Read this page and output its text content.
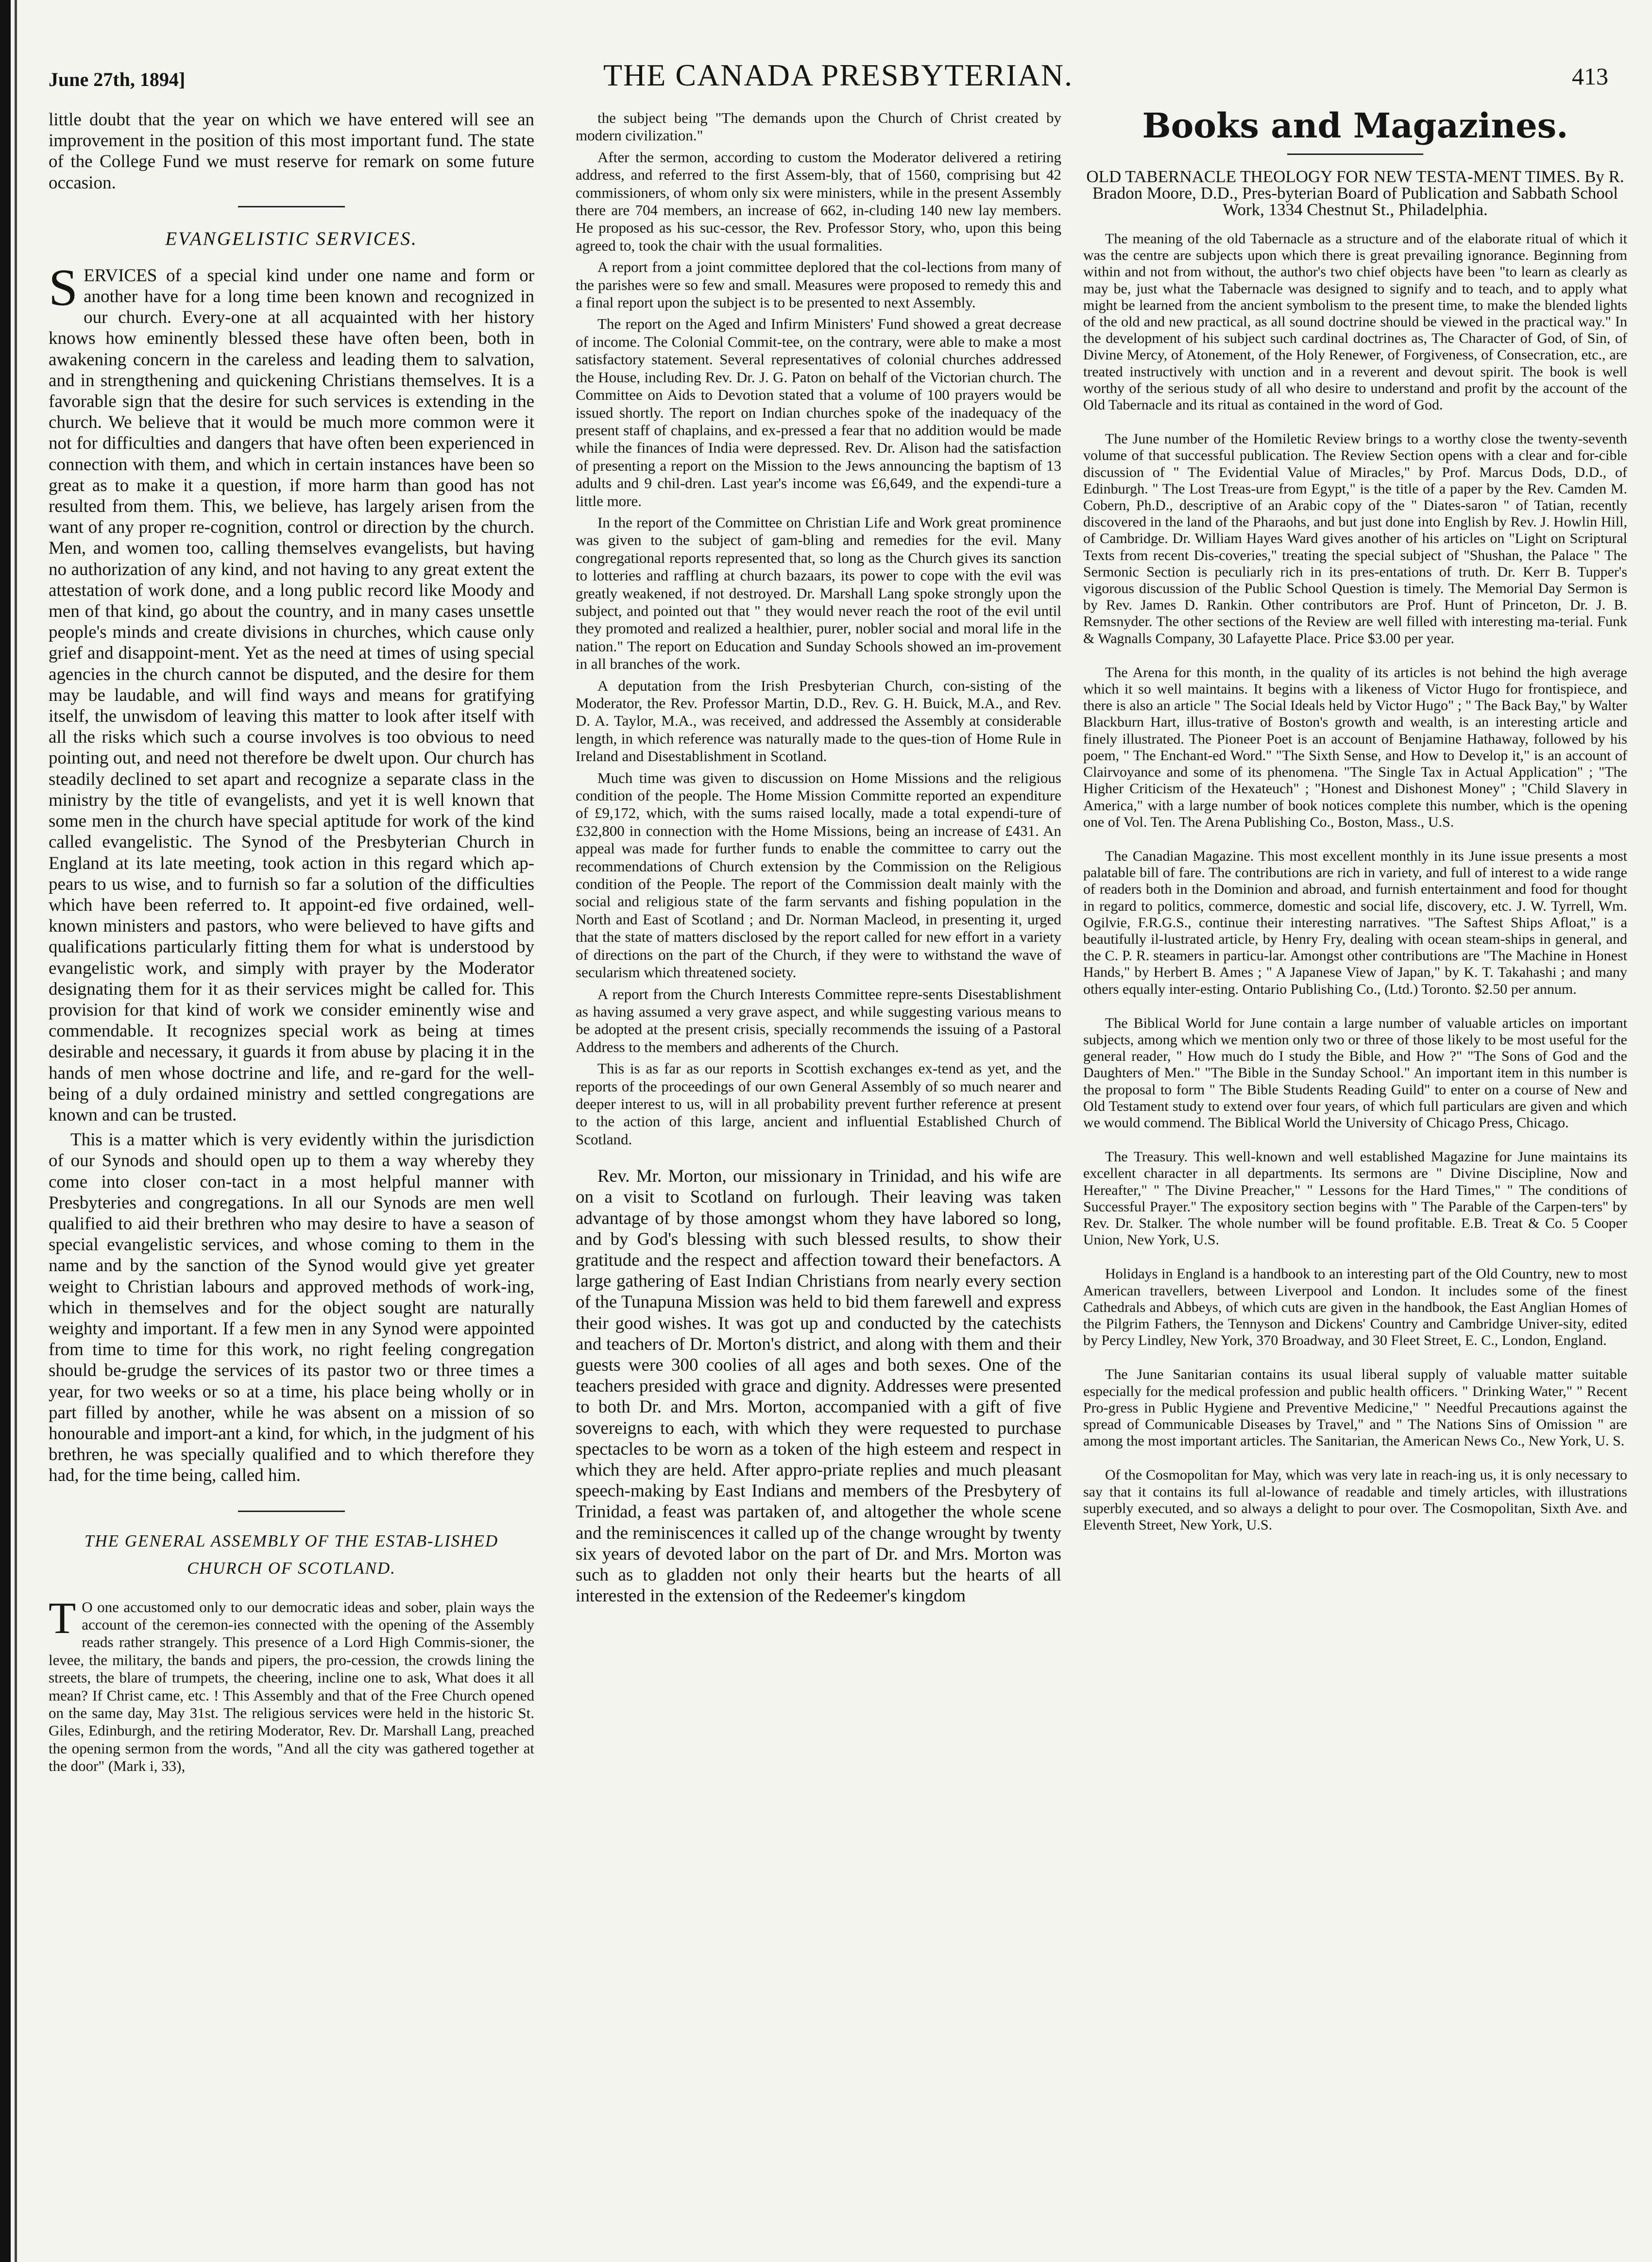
June 27th, 1894]	THE CANADA PRESBYTERIAN.	413

little doubt that the year on which we have entered will see an improvement in the position of this most important fund. The state of the College Fund we must reserve for remark on some future occasion.

EVANGELISTIC SERVICES.

SERVICES of a special kind under one name and form or another have for a long time been known and recognized in our church. Every-one at all acquainted with her history knows how eminently blessed these have often been, both in awakening concern in the careless and leading them to salvation, and in strengthening and quickening Christians themselves. It is a favorable sign that the desire for such services is extending in the church. We believe that it would be much more common were it not for difficulties and dangers that have often been experienced in connection with them, and which in certain instances have been so great as to make it a question, if more harm than good has not resulted from them. This, we believe, has largely arisen from the want of any proper re-cognition, control or direction by the church. Men, and women too, calling themselves evangelists, but having no authorization of any kind, and not having to any great extent the attestation of work done, and a long public record like Moody and men of that kind, go about the country, and in many cases unsettle people's minds and create divisions in churches, which cause only grief and disappoint-ment. Yet as the need at times of using special agencies in the church cannot be disputed, and the desire for them may be laudable, and will find ways and means for gratifying itself, the unwisdom of leaving this matter to look after itself with all the risks which such a course involves is too obvious to need pointing out, and need not therefore be dwelt upon. Our church has steadily declined to set apart and recognize a separate class in the ministry by the title of evangelists, and yet it is well known that some men in the church have special aptitude for work of the kind called evangelistic. The Synod of the Presbyterian Church in England at its late meeting, took action in this regard which ap-pears to us wise, and to furnish so far a solution of the difficulties which have been referred to. It appoint-ed five ordained, well-known ministers and pastors, who were believed to have gifts and qualifications particularly fitting them for what is understood by evangelistic work, and simply with prayer by the Moderator designating them for it as their services might be called for. This provision for that kind of work we consider eminently wise and commendable. It recognizes special work as being at times desirable and necessary, it guards it from abuse by placing it in the hands of men whose doctrine and life, and re-gard for the well-being of a duly ordained ministry and settled congregations are known and can be trusted.

This is a matter which is very evidently within the jurisdiction of our Synods and should open up to them a way whereby they come into closer con-tact in a most helpful manner with Presbyteries and congregations. In all our Synods are men well qualified to aid their brethren who may desire to have a season of special evangelistic services, and whose coming to them in the name and by the sanction of the Synod would give yet greater weight to Christian labours and approved methods of work-ing, which in themselves and for the object sought are naturally weighty and important. If a few men in any Synod were appointed from time to time for this work, no right feeling congregation should be-grudge the services of its pastor two or three times a year, for two weeks or so at a time, his place being wholly or in part filled by another, while he was absent on a mission of so honourable and import-ant a kind, for which, in the judgment of his brethren, he was specially qualified and to which therefore they had, for the time being, called him.

THE GENERAL ASSEMBLY OF THE ESTAB-LISHED CHURCH OF SCOTLAND.

T O one accustomed only to our democratic ideas and sober, plain ways the account of the ceremon-ies connected with the opening of the Assembly reads rather strangely. This presence of a Lord High Commis-sioner, the levee, the military, the bands and pipers, the pro-cession, the crowds lining the streets, the blare of trumpets, the cheering, incline one to ask, What does it all mean? If Christ came, etc. ! This Assembly and that of the Free Church opened on the same day, May 31st. The religious services were held in the historic St. Giles, Edinburgh, and the retiring Moderator, Rev. Dr. Marshall Lang, preached the opening sermon from the words, "And all the city was gathered together at the door" (Mark i, 33),

the subject being "The demands upon the Church of Christ created by modern civilization."

After the sermon, according to custom the Moderator delivered a retiring address, and referred to the first Assem-bly, that of 1560, comprising but 42 commissioners, of whom only six were ministers, while in the present Assembly there are 704 members, an increase of 662, in-cluding 140 new lay members. He proposed as his suc-cessor, the Rev. Professor Story, who, upon this being agreed to, took the chair with the usual formalities.

A report from a joint committee deplored that the col-lections from many of the parishes were so few and small. Measures were proposed to remedy this and a final report upon the subject is to be presented to next Assembly.

The report on the Aged and Infirm Ministers' Fund showed a great decrease of income. The Colonial Commit-tee, on the contrary, were able to make a most satisfactory statement. Several representatives of colonial churches addressed the House, including Rev. Dr. J. G. Paton on behalf of the Victorian church. The Committee on Aids to Devotion stated that a volume of 100 prayers would be issued shortly. The report on Indian churches spoke of the inadequacy of the present staff of chaplains, and ex-pressed a fear that no addition would be made while the finances of India were depressed. Rev. Dr. Alison had the satisfaction of presenting a report on the Mission to the Jews announcing the baptism of 13 adults and 9 chil-dren. Last year's income was £6,649, and the expendi-ture a little more.

In the report of the Committee on Christian Life and Work great prominence was given to the subject of gam-bling and remedies for the evil. Many congregational reports represented that, so long as the Church gives its sanction to lotteries and raffling at church bazaars, its power to cope with the evil was greatly weakened, if not destroyed. Dr. Marshall Lang spoke strongly upon the subject, and pointed out that " they would never reach the root of the evil until they promoted and realized a healthier, purer, nobler social and moral life in the nation." The report on Education and Sunday Schools showed an im-provement in all branches of the work.

A deputation from the Irish Presbyterian Church, con-sisting of the Moderator, the Rev. Professor Martin, D.D., Rev. G. H. Buick, M.A., and Rev. D. A. Taylor, M.A., was received, and addressed the Assembly at considerable length, in which reference was naturally made to the ques-tion of Home Rule in Ireland and Disestablishment in Scotland.

Much time was given to discussion on Home Missions and the religious condition of the people. The Home Mission Committe reported an expenditure of £9,172, which, with the sums raised locally, made a total expendi-ture of £32,800 in connection with the Home Missions, being an increase of £431. An appeal was made for further funds to enable the committee to carry out the recommendations of Church extension by the Commission on the Religious condition of the People. The report of the Commission dealt mainly with the social and religious state of the farm servants and fishing population in the North and East of Scotland ; and Dr. Norman Macleod, in presenting it, urged that the state of matters disclosed by the report called for new effort in a variety of directions on the part of the Church, if they were to withstand the wave of secularism which threatened society.

A report from the Church Interests Committee repre-sents Disestablishment as having assumed a very grave aspect, and while suggesting various means to be adopted at the present crisis, specially recommends the issuing of a Pastoral Address to the members and adherents of the Church.

This is as far as our reports in Scottish exchanges ex-tend as yet, and the reports of the proceedings of our own General Assembly of so much nearer and deeper interest to us, will in all probability prevent further reference at present to the action of this large, ancient and influential Established Church of Scotland.

Rev. Mr. Morton, our missionary in Trinidad, and his wife are on a visit to Scotland on furlough. Their leaving was taken advantage of by those amongst whom they have labored so long, and by God's blessing with such blessed results, to show their gratitude and the respect and affection toward their benefactors. A large gathering of East Indian Christians from nearly every section of the Tunapuna Mission was held to bid them farewell and express their good wishes. It was got up and conducted by the catechists and teachers of Dr. Morton's district, and along with them and their guests were 300 coolies of all ages and both sexes. One of the teachers presided with grace and dignity. Addresses were presented to both Dr. and Mrs. Morton, accompanied with a gift of five sovereigns to each, with which they were requested to purchase spectacles to be worn as a token of the high esteem and respect in which they are held. After appro-priate replies and much pleasant speech-making by East Indians and members of the Presbytery of Trinidad, a feast was partaken of, and altogether the whole scene and the reminiscences it called up of the change wrought by twenty six years of devoted labor on the part of Dr. and Mrs. Morton was such as to gladden not only their hearts but the hearts of all interested in the extension of the Redeemer's kingdom

Books and Magazines.

OLD TABERNACLE THEOLOGY FOR NEW TESTA-MENT TIMES. By R. Bradon Moore, D.D., Pres-byterian Board of Publication and Sabbath School Work, 1334 Chestnut St., Philadelphia.

The meaning of the old Tabernacle as a structure and of the elaborate ritual of which it was the centre are subjects upon which there is great prevailing ignorance. Beginning from within and not from without, the author's two chief objects have been "to learn as clearly as may be, just what the Tabernacle was designed to signify and to teach, and to apply what might be learned from the ancient symbolism to the present time, to make the blended lights of the old and new practical, as all sound doctrine should be viewed in the practical way." In the development of his subject such cardinal doctrines as, The Character of God, of Sin, of Divine Mercy, of Atonement, of the Holy Renewer, of Forgiveness, of Consecration, etc., are treated instructively with unction and in a reverent and devout spirit. The book is well worthy of the serious study of all who desire to understand and profit by the account of the Old Tabernacle and its ritual as contained in the word of God.

The June number of the Homiletic Review brings to a worthy close the twenty-seventh volume of that successful publication. The Review Section opens with a clear and for-cible discussion of " The Evidential Value of Miracles," by Prof. Marcus Dods, D.D., of Edinburgh. " The Lost Treas-ure from Egypt," is the title of a paper by the Rev. Camden M. Cobern, Ph.D., descriptive of an Arabic copy of the " Diates-saron " of Tatian, recently discovered in the land of the Pharaohs, and but just done into English by Rev. J. Howlin Hill, of Cambridge. Dr. William Hayes Ward gives another of his articles on "Light on Scriptural Texts from recent Dis-coveries," treating the special subject of "Shushan, the Palace " The Sermonic Section is peculiarly rich in its pres-entations of truth. Dr. Kerr B. Tupper's vigorous discussion of the Public School Question is timely. The Memorial Day Sermon is by Rev. James D. Rankin. Other contributors are Prof. Hunt of Princeton, Dr. J. B. Remsnyder. The other sections of the Review are well filled with interesting ma-terial. Funk & Wagnalls Company, 30 Lafayette Place. Price $3.00 per year.

The Arena for this month, in the quality of its articles is not behind the high average which it so well maintains. It begins with a likeness of Victor Hugo for frontispiece, and there is also an article " The Social Ideals held by Victor Hugo" ; " The Back Bay," by Walter Blackburn Hart, illus-trative of Boston's growth and wealth, is an interesting article and finely illustrated. The Pioneer Poet is an account of Benjamine Hathaway, followed by his poem, " The Enchant-ed Word." "The Sixth Sense, and How to Develop it," is an account of Clairvoyance and some of its phenomena. "The Single Tax in Actual Application" ; "The Higher Criticism of the Hexateuch" ; "Honest and Dishonest Money" ; "Child Slavery in America," with a large number of book notices complete this number, which is the opening one of Vol. Ten. The Arena Publishing Co., Boston, Mass., U.S.

The Canadian Magazine. This most excellent monthly in its June issue presents a most palatable bill of fare. The contributions are rich in variety, and full of interest to a wide range of readers both in the Dominion and abroad, and furnish entertainment and food for thought in regard to politics, commerce, domestic and social life, discovery, etc. J. W. Tyrrell, Wm. Ogilvie, F.R.G.S., continue their interesting narratives. "The Saftest Ships Afloat," is a beautifully il-lustrated article, by Henry Fry, dealing with ocean steam-ships in general, and the C. P. R. steamers in particu-lar. Amongst other contributions are "The Machine in Honest Hands," by Herbert B. Ames ; " A Japanese View of Japan," by K. T. Takahashi ; and many others equally inter-esting. Ontario Publishing Co., (Ltd.) Toronto. $2.50 per annum.

The Biblical World for June contain a large number of valuable articles on important subjects, among which we mention only two or three of those likely to be most useful for the general reader, " How much do I study the Bible, and How ?" "The Sons of God and the Daughters of Men." "The Bible in the Sunday School." An important item in this number is the proposal to form " The Bible Students Reading Guild" to enter on a course of New and Old Testament study to extend over four years, of which full particulars are given and which we would commend. The Biblical World the University of Chicago Press, Chicago.

The Treasury. This well-known and well established Magazine for June maintains its excellent character in all departments. Its sermons are " Divine Discipline, Now and Hereafter," " The Divine Preacher," " Lessons for the Hard Times," " The conditions of Successful Prayer." The expository section begins with " The Parable of the Carpen-ters" by Rev. Dr. Stalker. The whole number will be found profitable. E.B. Treat & Co. 5 Cooper Union, New York, U.S.

Holidays in England is a handbook to an interesting part of the Old Country, new to most American travellers, between Liverpool and London. It includes some of the finest Cathedrals and Abbeys, of which cuts are given in the handbook, the East Anglian Homes of the Pilgrim Fathers, the Tennyson and Dickens' Country and Cambridge Univer-sity, edited by Percy Lindley, New York, 370 Broadway, and 30 Fleet Street, E. C., London, England.

The June Sanitarian contains its usual liberal supply of valuable matter suitable especially for the medical profession and public health officers. " Drinking Water," " Recent Pro-gress in Public Hygiene and Preventive Medicine," " Needful Precautions against the spread of Communicable Diseases by Travel," and " The Nations Sins of Omission " are among the most important articles. The Sanitarian, the American News Co., New York, U. S.

Of the Cosmopolitan for May, which was very late in reach-ing us, it is only necessary to say that it contains its full al-lowance of readable and timely articles, with illustrations superbly executed, and so always a delight to pour over. The Cosmopolitan, Sixth Ave. and Eleventh Street, New York, U.S.
